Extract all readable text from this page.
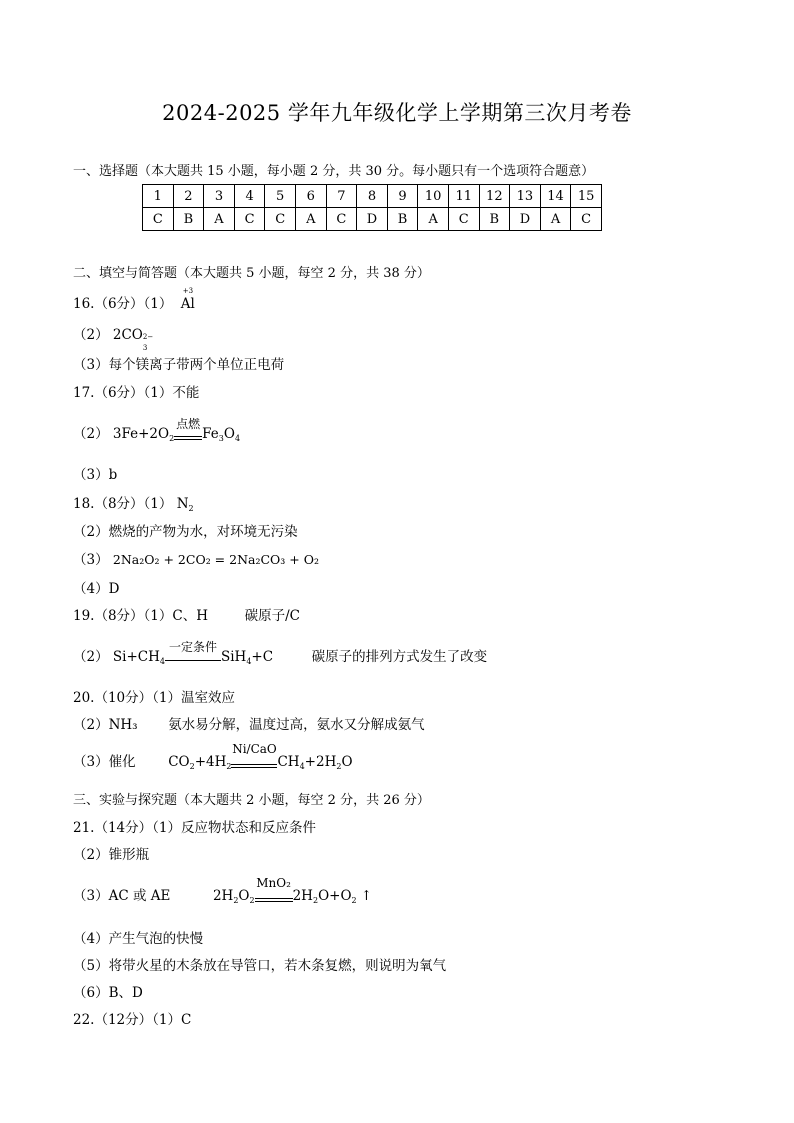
2024-2025 学年九年级化学上学期第三次月考卷
一、选择题（本大题共 15 小题，每小题 2 分，共 30 分。每小题只有一个选项符合题意）
1	2	3	4	5	6	7	8	9	10	11	12	13	14	15
C	B	A	C	C	A	C	D	B	A	C	B	D	A	C
二、填空与简答题（本大题共 5 小题，每空 2 分，共 38 分）
16.（6分）（1）
+3
Al
（2） 2CO 2−
3
（3）每个镁离子带两个单位正电荷
17.（6分）（1）不能
（2） $3Fe+2O_2$
点燃
$Fe_3O_4$
（3）b
18.（8分）（1） $N_2$
（2）燃烧的产物为水，对环境无污染
（3） 2Na₂O₂ + 2CO₂ = 2Na₂CO₃ + O₂
（4）D
19.（8分）（1）C、H	碳原子/C
（2） $Si+CH_4$
一定条件
SiH$_4$+C	碳原子的排列方式发生了改变
20.（10分）（1）温室效应
（2）NH₃ 氨水易分解，温度过高，氨水又分解成氨气
（3）催化 $CO_2+4H_2$
Ni/CaO
$CH_4+2H_2O$
三、实验与探究题（本大题共 2 小题，每空 2 分，共 26 分）
21.（14分）（1）反应物状态和反应条件
（2）锥形瓶
（3）AC 或 AE	$2H_2O_2$
MnO₂
$2H_2O+O_2$ ↑
（4）产生气泡的快慢
（5）将带火星的木条放在导管口，若木条复燃，则说明为氧气
（6）B、D
22.（12分）（1）C
